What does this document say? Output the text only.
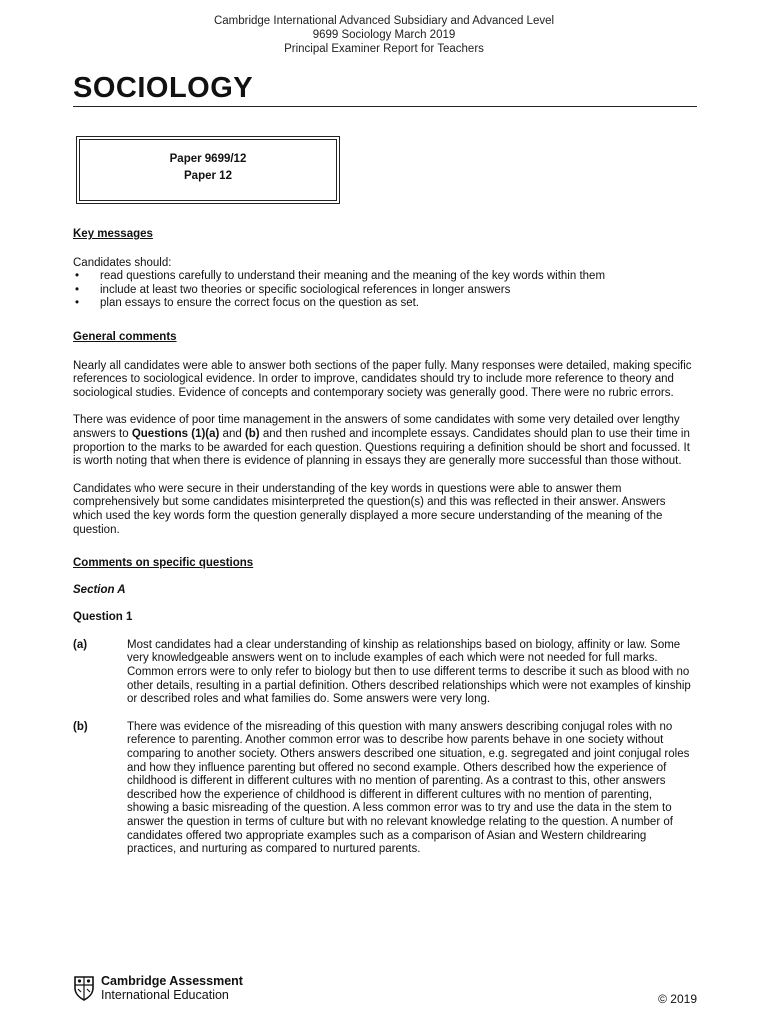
Cambridge International Advanced Subsidiary and Advanced Level
9699 Sociology March 2019
Principal Examiner Report for Teachers
SOCIOLOGY
Paper 9699/12
Paper 12

Key messages

Candidates should:

• read questions carefully to understand their meaning and the meaning of the key words within them
• include at least two theories or specific sociological references in longer answers
• plan essays to ensure the correct focus on the question as set.

General comments

Nearly all candidates were able to answer both sections of the paper fully. Many responses were detailed, making specific references to sociological evidence. In order to improve, candidates should try to include more reference to theory and sociological studies. Evidence of concepts and contemporary society was generally good. There were no rubric errors.

There was evidence of poor time management in the answers of some candidates with some very detailed over lengthy answers to Questions (1)(a) and (b) and then rushed and incomplete essays. Candidates should plan to use their time in proportion to the marks to be awarded for each question. Questions requiring a definition should be short and focussed. It is worth noting that when there is evidence of planning in essays they are generally more successful than those without.

Candidates who were secure in their understanding of the key words in questions were able to answer them comprehensively but some candidates misinterpreted the question(s) and this was reflected in their answer. Answers which used the key words form the question generally displayed a more secure understanding of the meaning of the question.

Comments on specific questions

Section A

Question 1

(a)	Most candidates had a clear understanding of kinship as relationships based on biology, affinity or law. Some very knowledgeable answers went on to include examples of each which were not needed for full marks. Common errors were to only refer to biology but then to use different terms to describe it such as blood with no other details, resulting in a partial definition. Others described relationships which were not examples of kinship or described roles and what families do. Some answers were very long.
(b)	There was evidence of the misreading of this question with many answers describing conjugal roles with no reference to parenting. Another common error was to describe how parents behave in one society without comparing to another society. Others answers described one situation, e.g. segregated and joint conjugal roles and how they influence parenting but offered no second example. Others described how the experience of childhood is different in different cultures with no mention of parenting. As a contrast to this, other answers described how the experience of childhood is different in different cultures with no mention of parenting, showing a basic misreading of the question. A less common error was to try and use the data in the stem to answer the question in terms of culture but with no relevant knowledge relating to the question. A number of candidates offered two appropriate examples such as a comparison of Asian and Western childrearing practices, and nurturing as compared to nurtured parents.
Cambridge Assessment
International Education	© 2019
